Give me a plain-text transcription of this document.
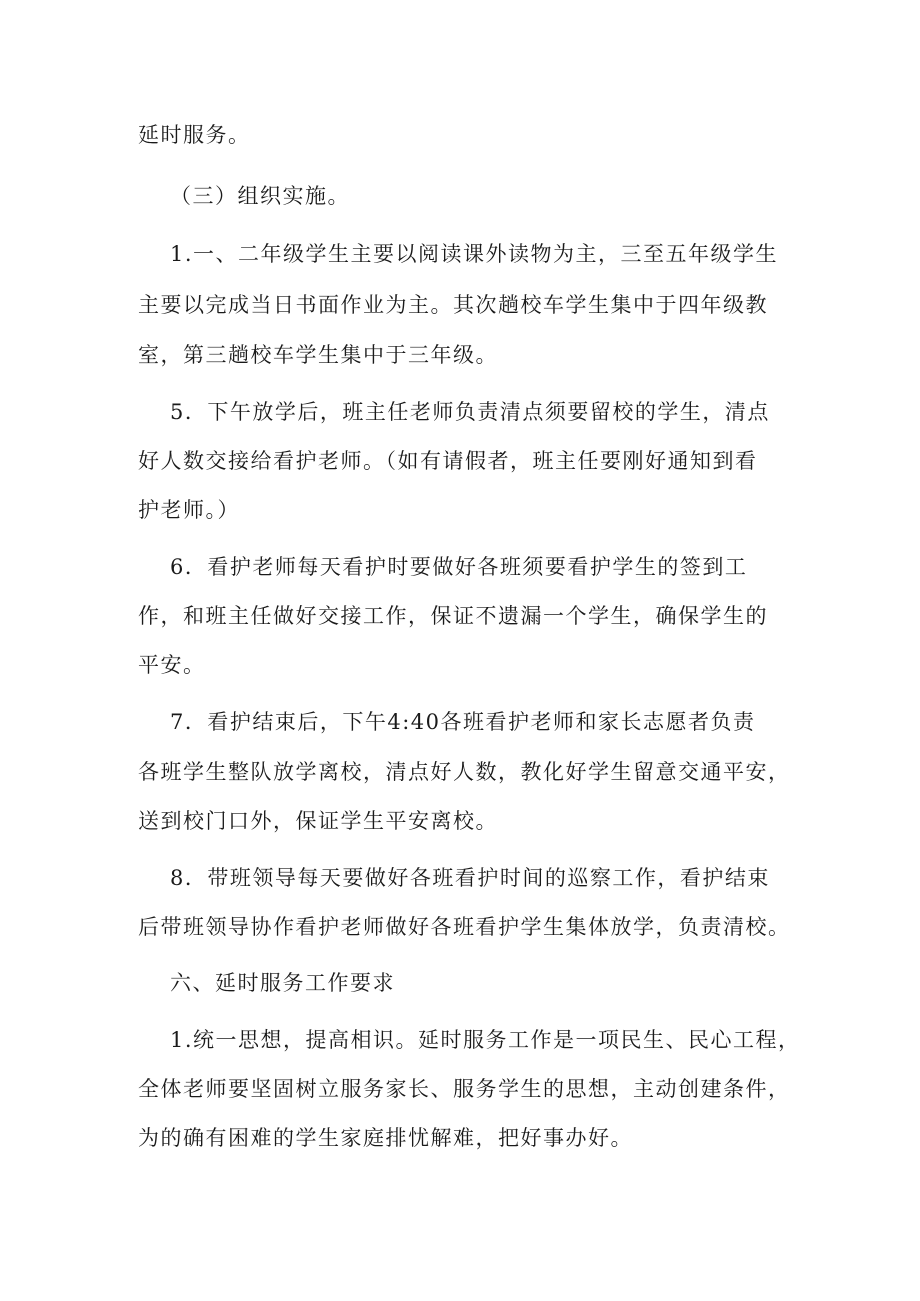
延时服务。
（三）组织实施。
1.一、二年级学生主要以阅读课外读物为主，三至五年级学生
主要以完成当日书面作业为主。其次趟校车学生集中于四年级教
室，第三趟校车学生集中于三年级。
5．下午放学后，班主任老师负责清点须要留校的学生，清点
好人数交接给看护老师。（如有请假者，班主任要刚好通知到看
护老师。）
6．看护老师每天看护时要做好各班须要看护学生的签到工
作，和班主任做好交接工作，保证不遗漏一个学生，确保学生的
平安。
7．看护结束后，下午4:40各班看护老师和家长志愿者负责
各班学生整队放学离校，清点好人数，教化好学生留意交通平安，
送到校门口外，保证学生平安离校。
8．带班领导每天要做好各班看护时间的巡察工作，看护结束
后带班领导协作看护老师做好各班看护学生集体放学，负责清校。
六、延时服务工作要求
1.统一思想，提高相识。延时服务工作是一项民生、民心工程，
全体老师要坚固树立服务家长、服务学生的思想，主动创建条件，
为的确有困难的学生家庭排忧解难，把好事办好。
